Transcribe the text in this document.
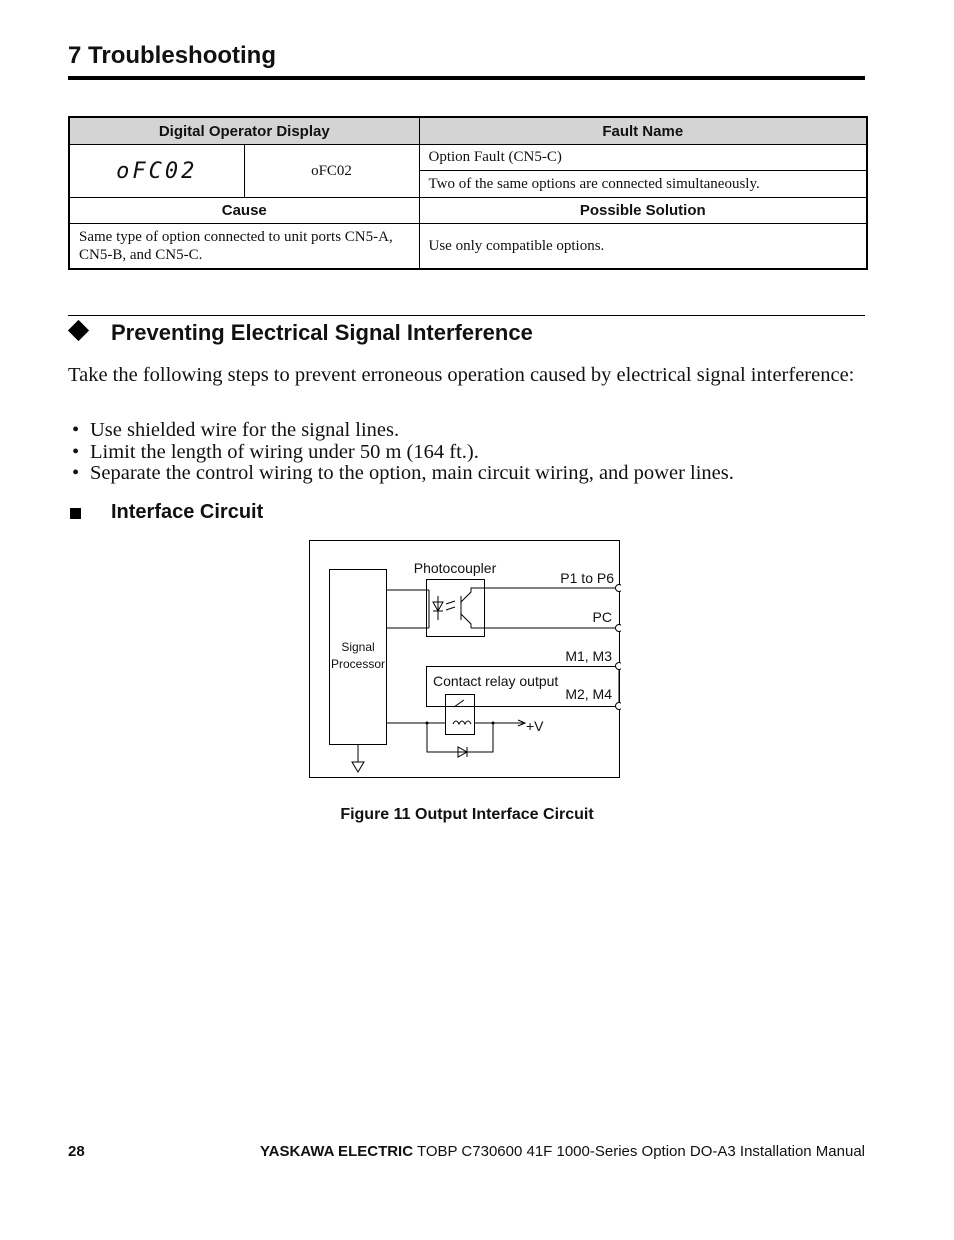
7 Troubleshooting
Digital Operator Display		Fault Name
oFC02	oFC02	Option Fault (CN5-C)
		Two of the same options are connected simultaneously.
Cause		Possible Solution
Same type of option connected to unit ports CN5-A, CN5-B, and CN5-C.		Use only compatible options.
Preventing Electrical Signal Interference

Take the following steps to prevent erroneous operation caused by electrical signal interference:

• Use shielded wire for the signal lines.
• Limit the length of wiring under 50 m (164 ft.).
• Separate the control wiring to the option, main circuit wiring, and power lines.
Interface Circuit
Signal
Processor
Photocoupler
P1 to P6
PC
M1, M3
Contact relay output
M2, M4
+V
Figure 11 Output Interface Circuit
28	YASKAWA ELECTRIC TOBP C730600 41F 1000-Series Option DO-A3 Installation Manual
